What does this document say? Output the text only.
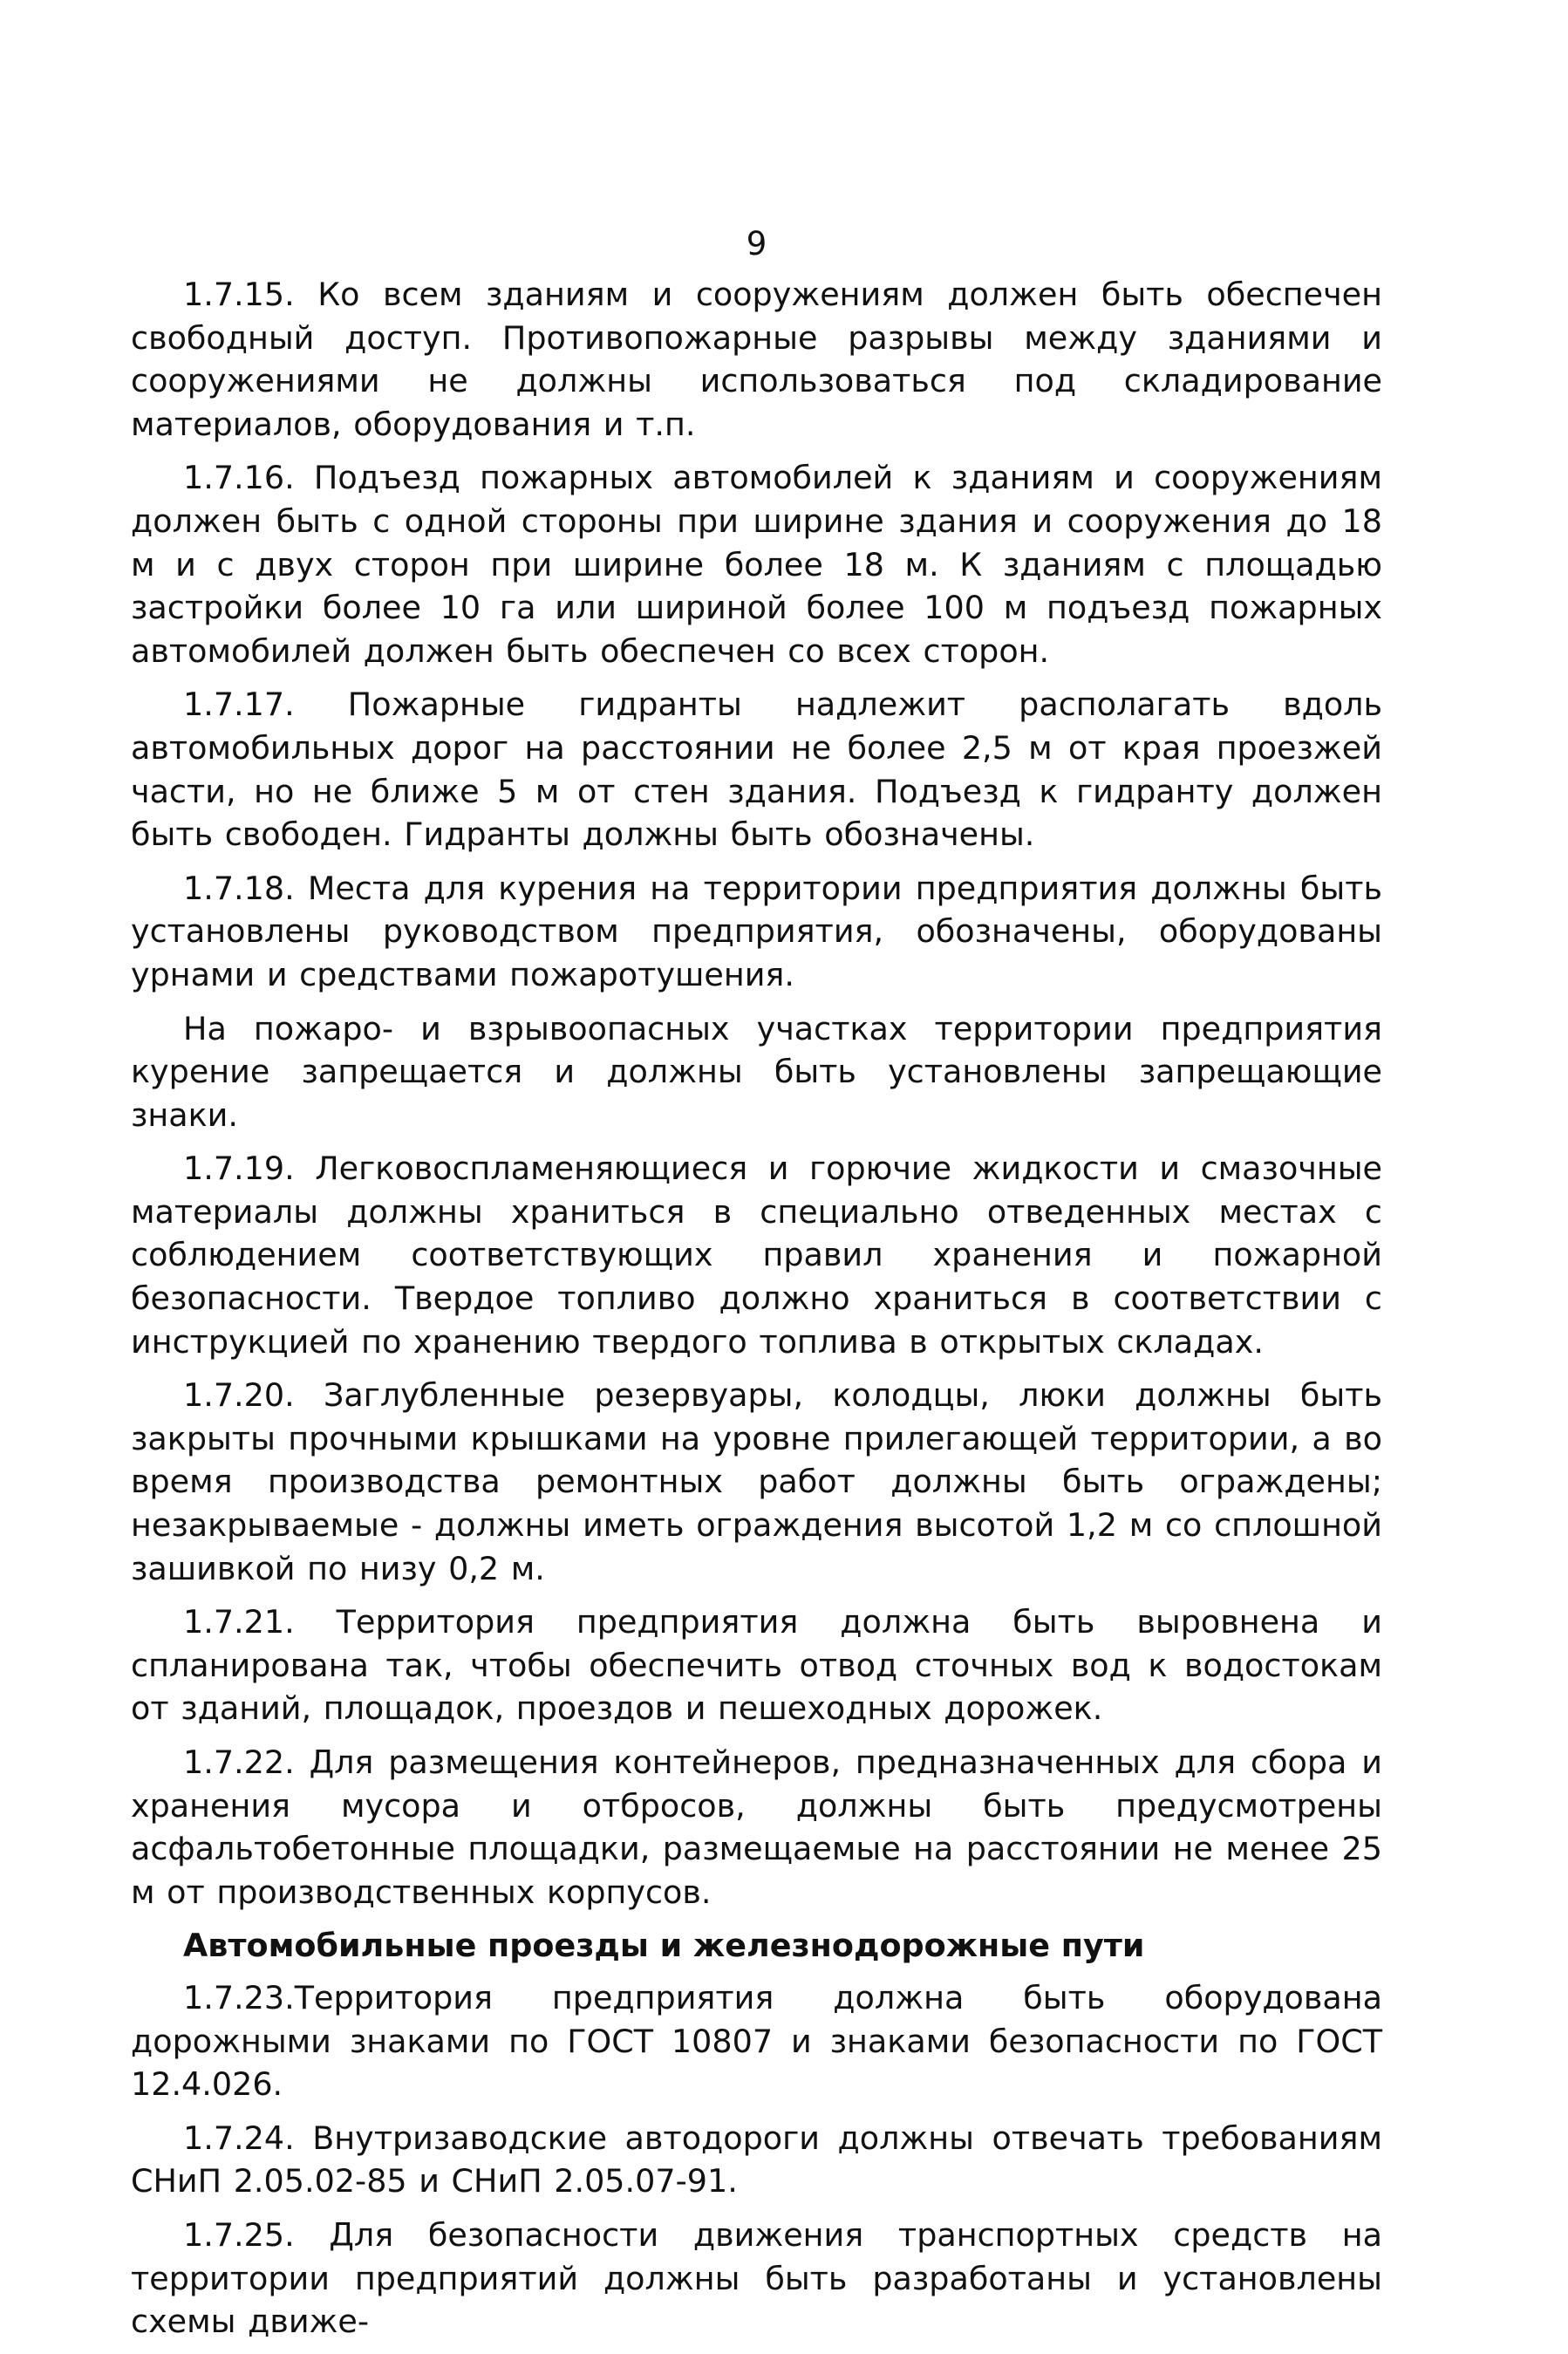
9

1.7.15. Ко всем зданиям и сооружениям должен быть обеспечен свободный доступ. Противопожарные разрывы между зданиями и сооружениями не должны использоваться под складирование материалов, оборудования и т.п.

1.7.16. Подъезд пожарных автомобилей к зданиям и сооружениям должен быть с одной стороны при ширине здания и сооружения до 18 м и с двух сторон при ширине более 18 м. К зданиям с площадью застройки более 10 га или шириной более 100 м подъезд пожарных автомобилей должен быть обеспечен со всех сторон.

1.7.17. Пожарные гидранты надлежит располагать вдоль автомобильных дорог на расстоянии не более 2,5 м от края проезжей части, но не ближе 5 м от стен здания. Подъезд к гидранту должен быть свободен. Гидранты должны быть обозначены.

1.7.18. Места для курения на территории предприятия должны быть установлены руководством предприятия, обозначены, оборудованы урнами и средствами пожаротушения.

На пожаро- и взрывоопасных участках территории предприятия курение запрещается и должны быть установлены запрещающие знаки.

1.7.19. Легковоспламеняющиеся и горючие жидкости и смазочные материалы должны храниться в специально отведенных местах с соблюдением соответствующих правил хранения и пожарной безопасности. Твердое топливо должно храниться в соответствии с инструкцией по хранению твердого топлива в открытых складах.

1.7.20. Заглубленные резервуары, колодцы, люки должны быть закрыты прочными крышками на уровне прилегающей территории, а во время производства ремонтных работ должны быть ограждены; незакрываемые - должны иметь ограждения высотой 1,2 м со сплошной зашивкой по низу 0,2 м.

1.7.21. Территория предприятия должна быть выровнена и спланирована так, чтобы обеспечить отвод сточных вод к водостокам от зданий, площадок, проездов и пешеходных дорожек.

1.7.22. Для размещения контейнеров, предназначенных для сбора и хранения мусора и отбросов, должны быть предусмотрены асфальтобетонные площадки, размещаемые на расстоянии не менее 25 м от производственных корпусов.

Автомобильные проезды и железнодорожные пути

1.7.23.Территория предприятия должна быть оборудована дорожными знаками по ГОСТ 10807 и знаками безопасности по ГОСТ 12.4.026.

1.7.24. Внутризаводские автодороги должны отвечать требованиям СНиП 2.05.02-85 и СНиП 2.05.07-91.

1.7.25. Для безопасности движения транспортных средств на территории предприятий должны быть разработаны и установлены схемы движе-
